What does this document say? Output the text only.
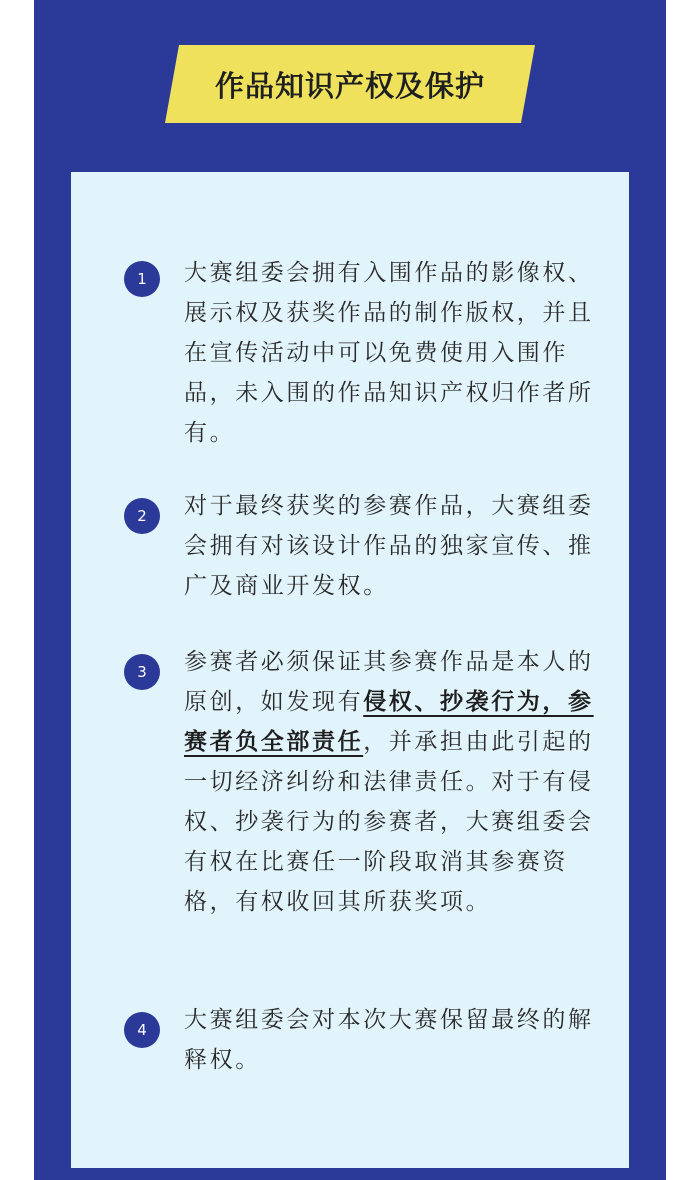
作品知识产权及保护
1	大赛组委会拥有入围作品的影像权、展示权及获奖作品的制作版权，并且在宣传活动中可以免费使用入围作品，未入围的作品知识产权归作者所有。
2	对于最终获奖的参赛作品，大赛组委会拥有对该设计作品的独家宣传、推广及商业开发权。
3	参赛者必须保证其参赛作品是本人的原创，如发现有侵权、抄袭行为，参赛者负全部责任，并承担由此引起的一切经济纠纷和法律责任。对于有侵权、抄袭行为的参赛者，大赛组委会有权在比赛任一阶段取消其参赛资格，有权收回其所获奖项。
4	大赛组委会对本次大赛保留最终的解释权。
